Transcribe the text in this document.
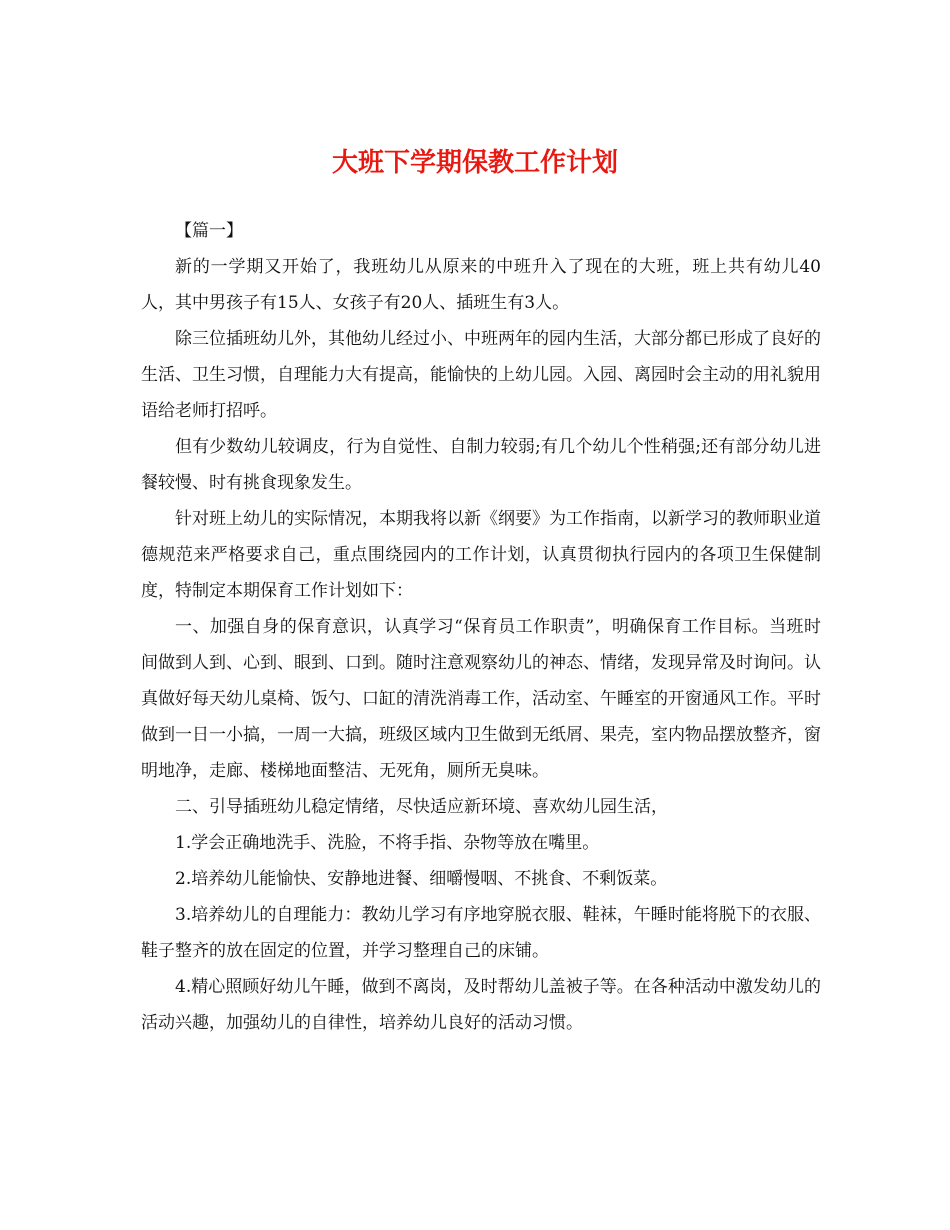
大班下学期保教工作计划

【篇一】

新的一学期又开始了，我班幼儿从原来的中班升入了现在的大班，班上共有幼儿40人，其中男孩子有15人、女孩子有20人、插班生有3人。

除三位插班幼儿外，其他幼儿经过小、中班两年的园内生活，大部分都已形成了良好的生活、卫生习惯，自理能力大有提高，能愉快的上幼儿园。入园、离园时会主动的用礼貌用语给老师打招呼。

但有少数幼儿较调皮，行为自觉性、自制力较弱;有几个幼儿个性稍强;还有部分幼儿进餐较慢、时有挑食现象发生。

针对班上幼儿的实际情况，本期我将以新《纲要》为工作指南，以新学习的教师职业道德规范来严格要求自己，重点围绕园内的工作计划，认真贯彻执行园内的各项卫生保健制度，特制定本期保育工作计划如下：

一、加强自身的保育意识，认真学习“保育员工作职责”，明确保育工作目标。当班时间做到人到、心到、眼到、口到。随时注意观察幼儿的神态、情绪，发现异常及时询问。认真做好每天幼儿桌椅、饭勺、口缸的清洗消毒工作，活动室、午睡室的开窗通风工作。平时做到一日一小搞，一周一大搞，班级区域内卫生做到无纸屑、果壳，室内物品摆放整齐，窗明地净，走廊、楼梯地面整洁、无死角，厕所无臭味。

二、引导插班幼儿稳定情绪，尽快适应新环境、喜欢幼儿园生活，

1.学会正确地洗手、洗脸，不将手指、杂物等放在嘴里。

2.培养幼儿能愉快、安静地进餐、细嚼慢咽、不挑食、不剩饭菜。

3.培养幼儿的自理能力：教幼儿学习有序地穿脱衣服、鞋袜，午睡时能将脱下的衣服、鞋子整齐的放在固定的位置，并学习整理自己的床铺。

4.精心照顾好幼儿午睡，做到不离岗，及时帮幼儿盖被子等。在各种活动中激发幼儿的活动兴趣，加强幼儿的自律性，培养幼儿良好的活动习惯。
